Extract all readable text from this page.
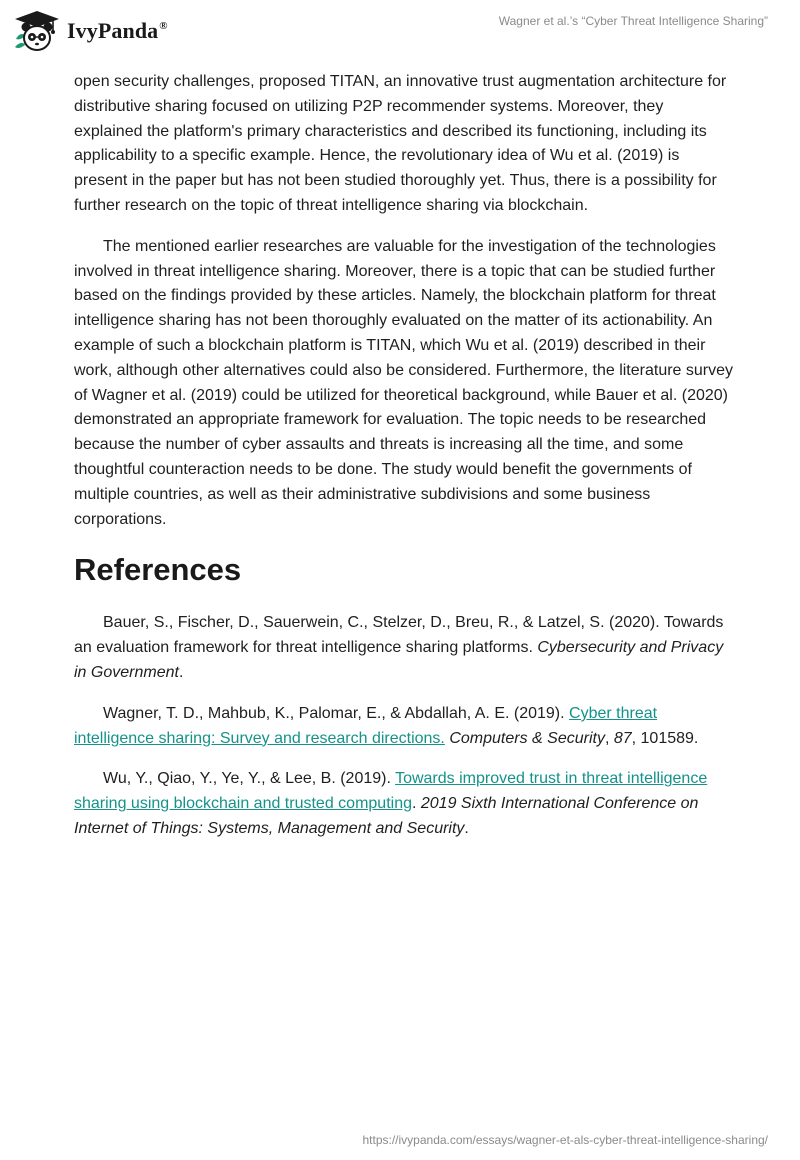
IvyPanda®	Wagner et al.’s “Cyber Threat Intelligence Sharing”

open security challenges, proposed TITAN, an innovative trust augmentation architecture for distributive sharing focused on utilizing P2P recommender systems. Moreover, they explained the platform's primary characteristics and described its functioning, including its applicability to a specific example. Hence, the revolutionary idea of Wu et al. (2019) is present in the paper but has not been studied thoroughly yet. Thus, there is a possibility for further research on the topic of threat intelligence sharing via blockchain.

The mentioned earlier researches are valuable for the investigation of the technologies involved in threat intelligence sharing. Moreover, there is a topic that can be studied further based on the findings provided by these articles. Namely, the blockchain platform for threat intelligence sharing has not been thoroughly evaluated on the matter of its actionability. An example of such a blockchain platform is TITAN, which Wu et al. (2019) described in their work, although other alternatives could also be considered. Furthermore, the literature survey of Wagner et al. (2019) could be utilized for theoretical background, while Bauer et al. (2020) demonstrated an appropriate framework for evaluation. The topic needs to be researched because the number of cyber assaults and threats is increasing all the time, and some thoughtful counteraction needs to be done. The study would benefit the governments of multiple countries, as well as their administrative subdivisions and some business corporations.

References

Bauer, S., Fischer, D., Sauerwein, C., Stelzer, D., Breu, R., & Latzel, S. (2020). Towards an evaluation framework for threat intelligence sharing platforms. Cybersecurity and Privacy in Government.

Wagner, T. D., Mahbub, K., Palomar, E., & Abdallah, A. E. (2019). Cyber threat intelligence sharing: Survey and research directions. Computers & Security, 87, 101589.

Wu, Y., Qiao, Y., Ye, Y., & Lee, B. (2019). Towards improved trust in threat intelligence sharing using blockchain and trusted computing. 2019 Sixth International Conference on Internet of Things: Systems, Management and Security.

https://ivypanda.com/essays/wagner-et-als-cyber-threat-intelligence-sharing/
